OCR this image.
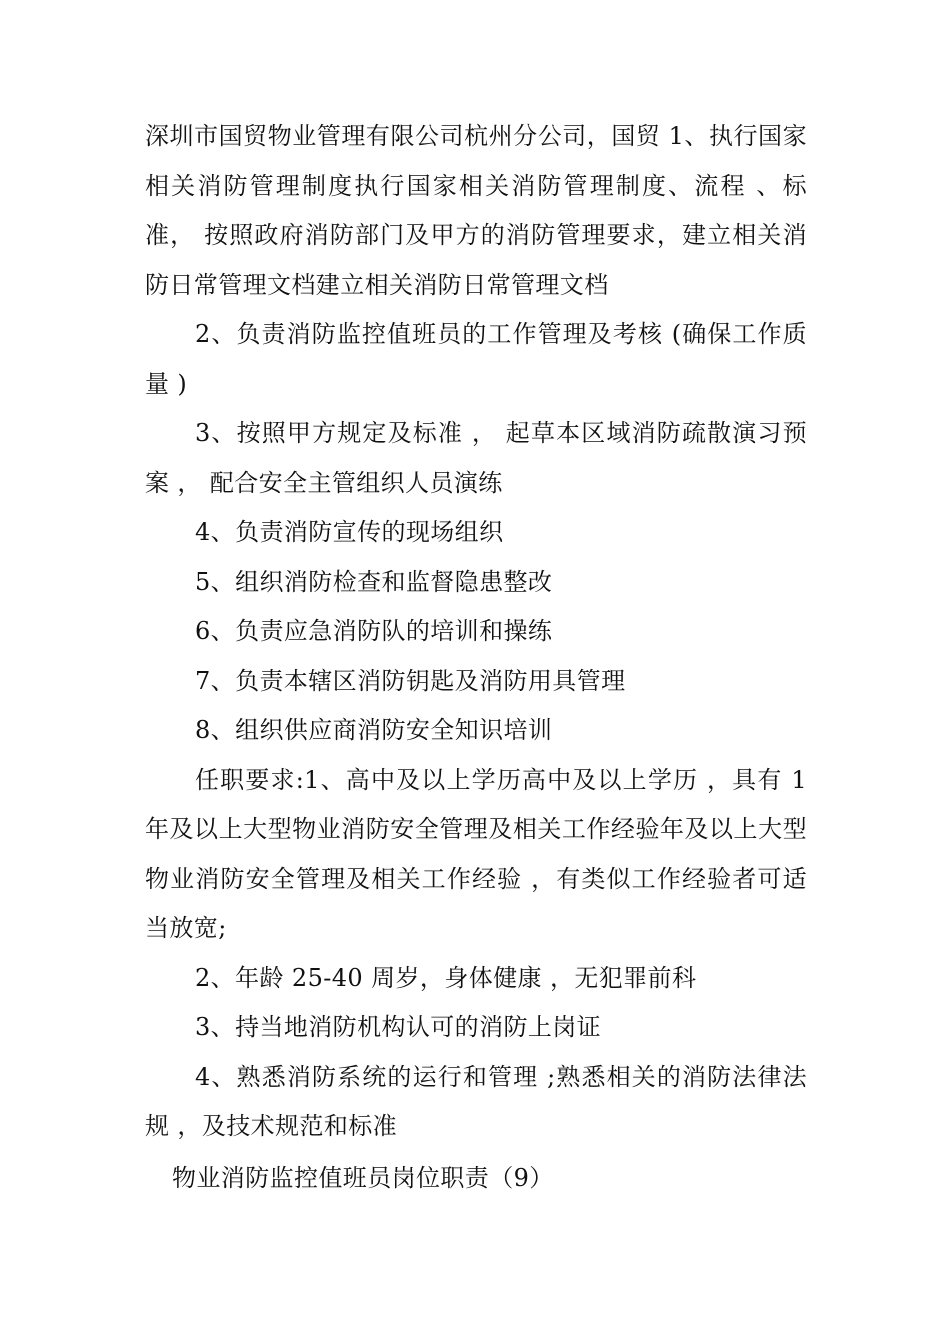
深圳市国贸物业管理有限公司杭州分公司，国贸 1、执行国家相关消防管理制度执行国家相关消防管理制度、流程 、标准， 按照政府消防部门及甲方的消防管理要求，建立相关消防日常管理文档建立相关消防日常管理文档

2、负责消防监控值班员的工作管理及考核 (确保工作质量 )

3、按照甲方规定及标准 ， 起草本区域消防疏散演习预案 ， 配合安全主管组织人员演练

4、负责消防宣传的现场组织

5、组织消防检查和监督隐患整改

6、负责应急消防队的培训和操练

7、负责本辖区消防钥匙及消防用具管理

8、组织供应商消防安全知识培训

任职要求:1、高中及以上学历高中及以上学历 ，具有 1 年及以上大型物业消防安全管理及相关工作经验年及以上大型物业消防安全管理及相关工作经验 ，有类似工作经验者可适当放宽;

2、年龄 25-40 周岁，身体健康 ，无犯罪前科

3、持当地消防机构认可的消防上岗证

4、熟悉消防系统的运行和管理 ;熟悉相关的消防法律法规 ，及技术规范和标准

物业消防监控值班员岗位职责（9）
